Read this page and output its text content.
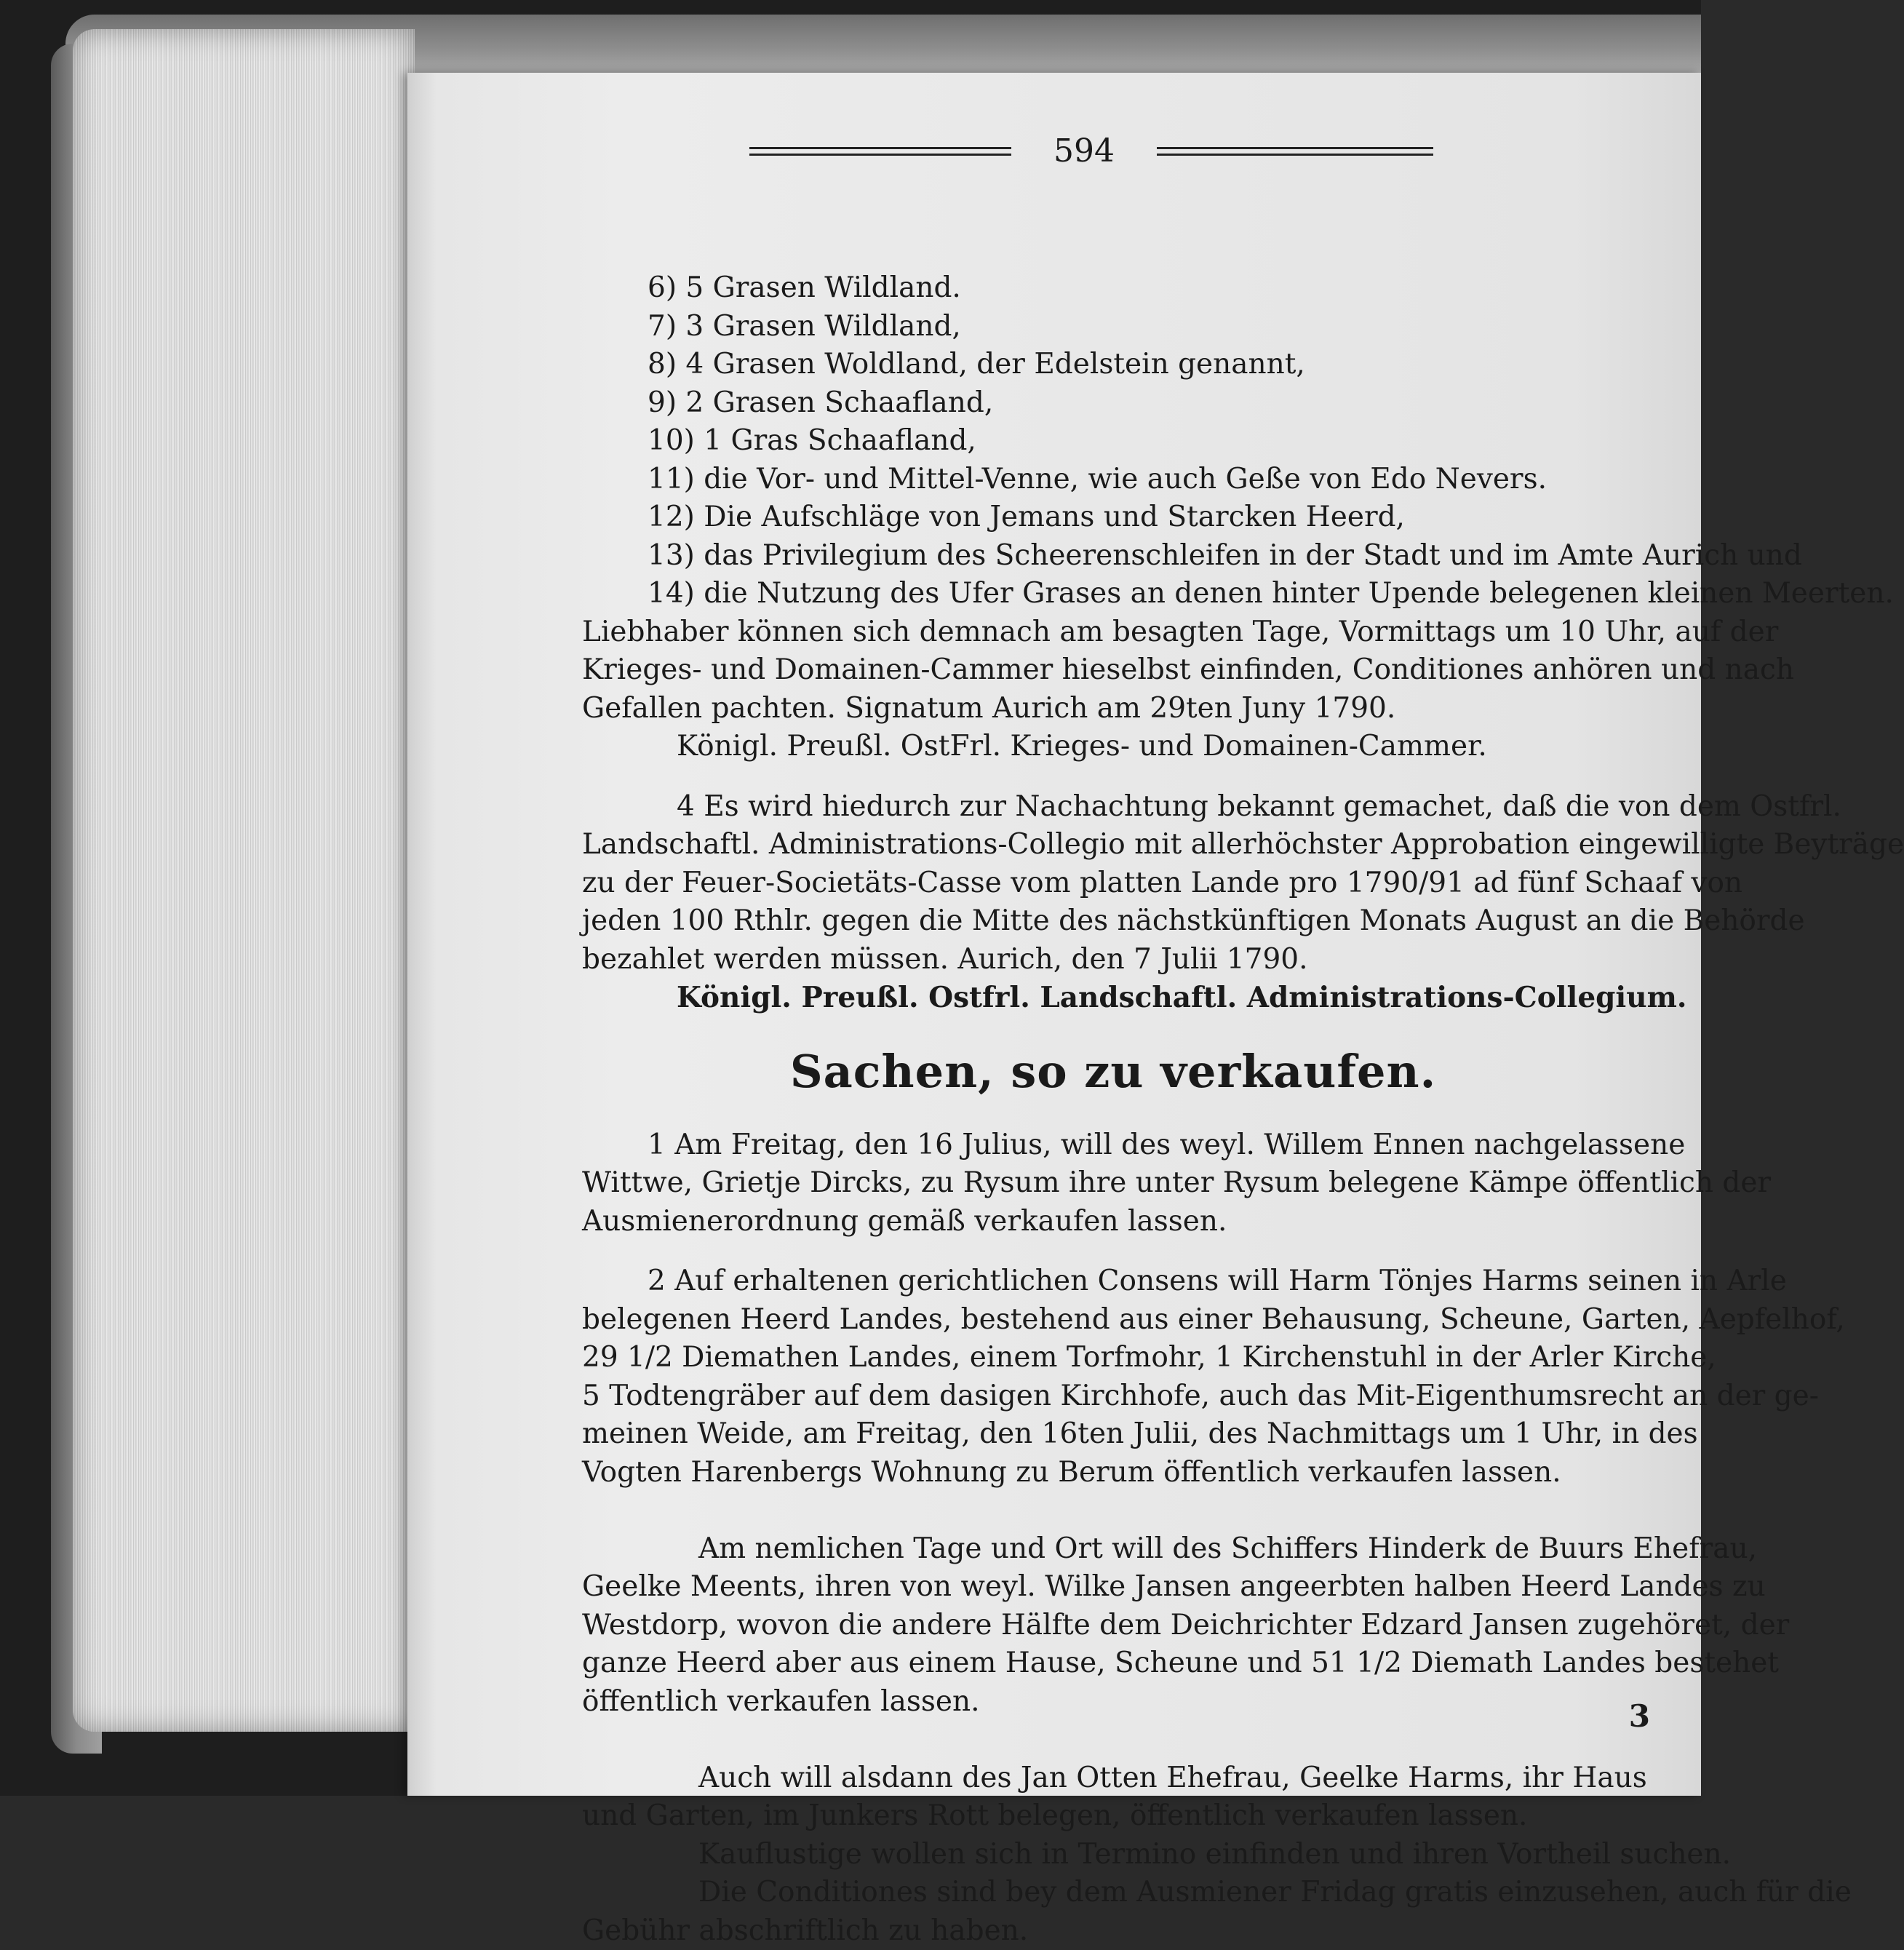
594
6) 5 Grasen Wildland.
7) 3 Grasen Wildland,
8) 4 Grasen Woldland, der Edelstein genannt,
9) 2 Grasen Schaafland,
10) 1 Gras Schaafland,
11) die Vor- und Mittel-Venne, wie auch Geße von Edo Nevers.
12) Die Aufschläge von Jemans und Starcken Heerd,
13) das Privilegium des Scheerenschleifen in der Stadt und im Amte Aurich und
14) die Nutzung des Ufer Grases an denen hinter Upende belegenen kleinen Meerten.
Liebhaber können sich demnach am besagten Tage, Vormittags um 10 Uhr, auf der
Krieges- und Domainen-Cammer hieselbst einfinden, Conditiones anhören und nach
Gefallen pachten. Signatum Aurich am 29ten Juny 1790.
Königl. Preußl. OstFrl. Krieges- und Domainen-Cammer.
4 Es wird hiedurch zur Nachachtung bekannt gemachet, daß die von dem Ostfrl.
Landschaftl. Administrations-Collegio mit allerhöchster Approbation eingewilligte Beyträge
zu der Feuer-Societäts-Casse vom platten Lande pro 1790/91 ad fünf Schaaf von
jeden 100 Rthlr. gegen die Mitte des nächstkünftigen Monats August an die Behörde
bezahlet werden müssen. Aurich, den 7 Julii 1790.
Königl. Preußl. Ostfrl. Landschaftl. Administrations-Collegium.
Sachen, so zu verkaufen.
1 Am Freitag, den 16 Julius, will des weyl. Willem Ennen nachgelassene
Wittwe, Grietje Dircks, zu Rysum ihre unter Rysum belegene Kämpe öffentlich der
Ausmienerordnung gemäß verkaufen lassen.
2 Auf erhaltenen gerichtlichen Consens will Harm Tönjes Harms seinen in Arle
belegenen Heerd Landes, bestehend aus einer Behausung, Scheune, Garten, Aepfelhof,
29 1/2 Diemathen Landes, einem Torfmohr, 1 Kirchenstuhl in der Arler Kirche,
5 Todtengräber auf dem dasigen Kirchhofe, auch das Mit-Eigenthumsrecht an der ge-
meinen Weide, am Freitag, den 16ten Julii, des Nachmittags um 1 Uhr, in des
Vogten Harenbergs Wohnung zu Berum öffentlich verkaufen lassen.
Am nemlichen Tage und Ort will des Schiffers Hinderk de Buurs Ehefrau,
Geelke Meents, ihren von weyl. Wilke Jansen angeerbten halben Heerd Landes zu
Westdorp, wovon die andere Hälfte dem Deichrichter Edzard Jansen zugehöret, der
ganze Heerd aber aus einem Hause, Scheune und 51 1/2 Diemath Landes bestehet
öffentlich verkaufen lassen.
Auch will alsdann des Jan Otten Ehefrau, Geelke Harms, ihr Haus
und Garten, im Junkers Rott belegen, öffentlich verkaufen lassen.
Kauflustige wollen sich in Termino einfinden und ihren Vortheil suchen.
Die Conditiones sind bey dem Ausmiener Fridag gratis einzusehen, auch für die
Gebühr abschriftlich zu haben.
3
